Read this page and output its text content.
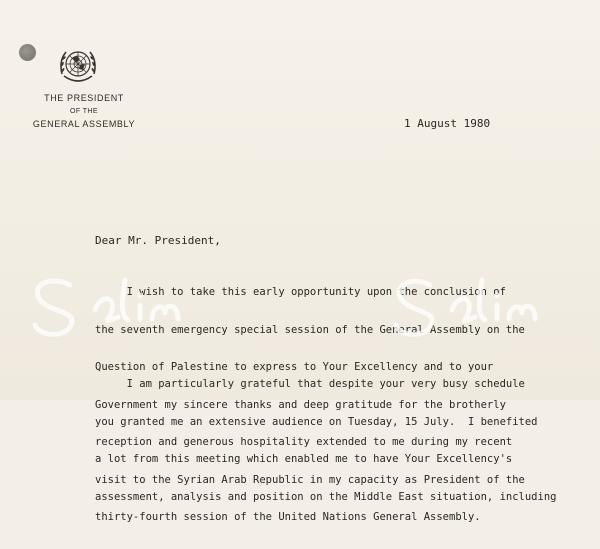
THE PRESIDENT
OF THE
GENERAL ASSEMBLY	1 August 1980
Dear Mr. President,

I wish to take this early opportunity upon the conclusion of

the seventh emergency special session of the General Assembly on the

Question of Palestine to express to Your Excellency and to your

Government my sincere thanks and deep gratitude for the brotherly

reception and generous hospitality extended to me during my recent

visit to the Syrian Arab Republic in my capacity as President of the

thirty-fourth session of the United Nations General Assembly.

I am particularly grateful that despite your very busy schedule

you granted me an extensive audience on Tuesday, 15 July.  I benefited

a lot from this meeting which enabled me to have Your Excellency's

assessment, analysis and position on the Middle East situation, including
